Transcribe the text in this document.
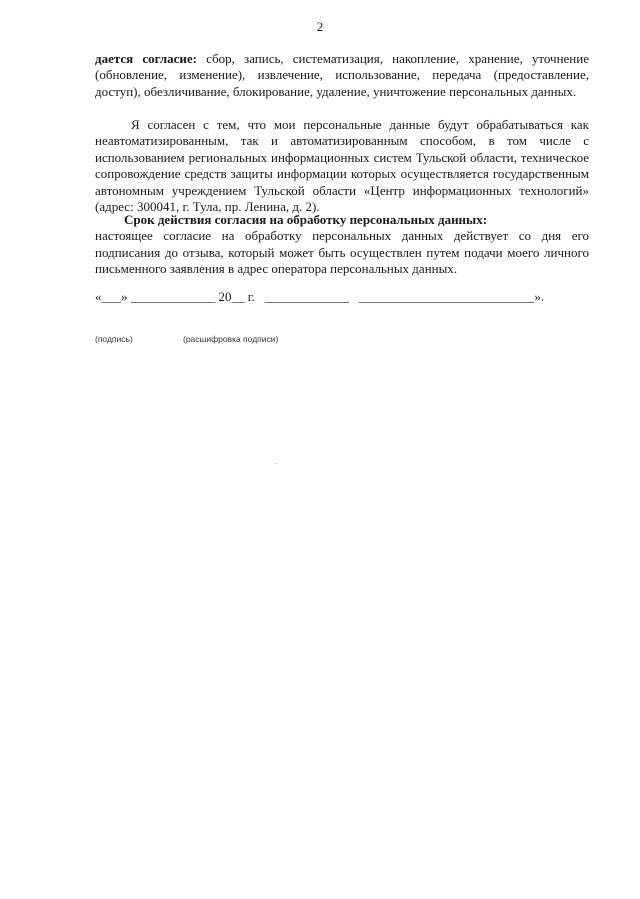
2

дается согласие: сбор, запись, систематизация, накопление, хранение, уточнение (обновление, изменение), извлечение, использование, передача (предоставление, доступ), обезличивание, блокирование, удаление, уничтожение персональных данных.

Я согласен с тем, что мои персональные данные будут обрабатываться как неавтоматизированным, так и автоматизированным способом, в том числе с использованием региональных информационных систем Тульской области, техническое сопровождение средств защиты информации которых осуществляется государственным автономным учреждением Тульской области «Центр информационных технологий» (адрес: 300041, г. Тула, пр. Ленина, д. 2).

Срок действия согласия на обработку персональных данных:

настоящее согласие на обработку персональных данных действует со дня его подписания до отзыва, который может быть осуществлен путем подачи моего личного письменного заявления в адрес оператора персональных данных.

«___» _____________ 20__ г.   _____________   ___________________________».
(подпись)	(расшифровка подписи)
